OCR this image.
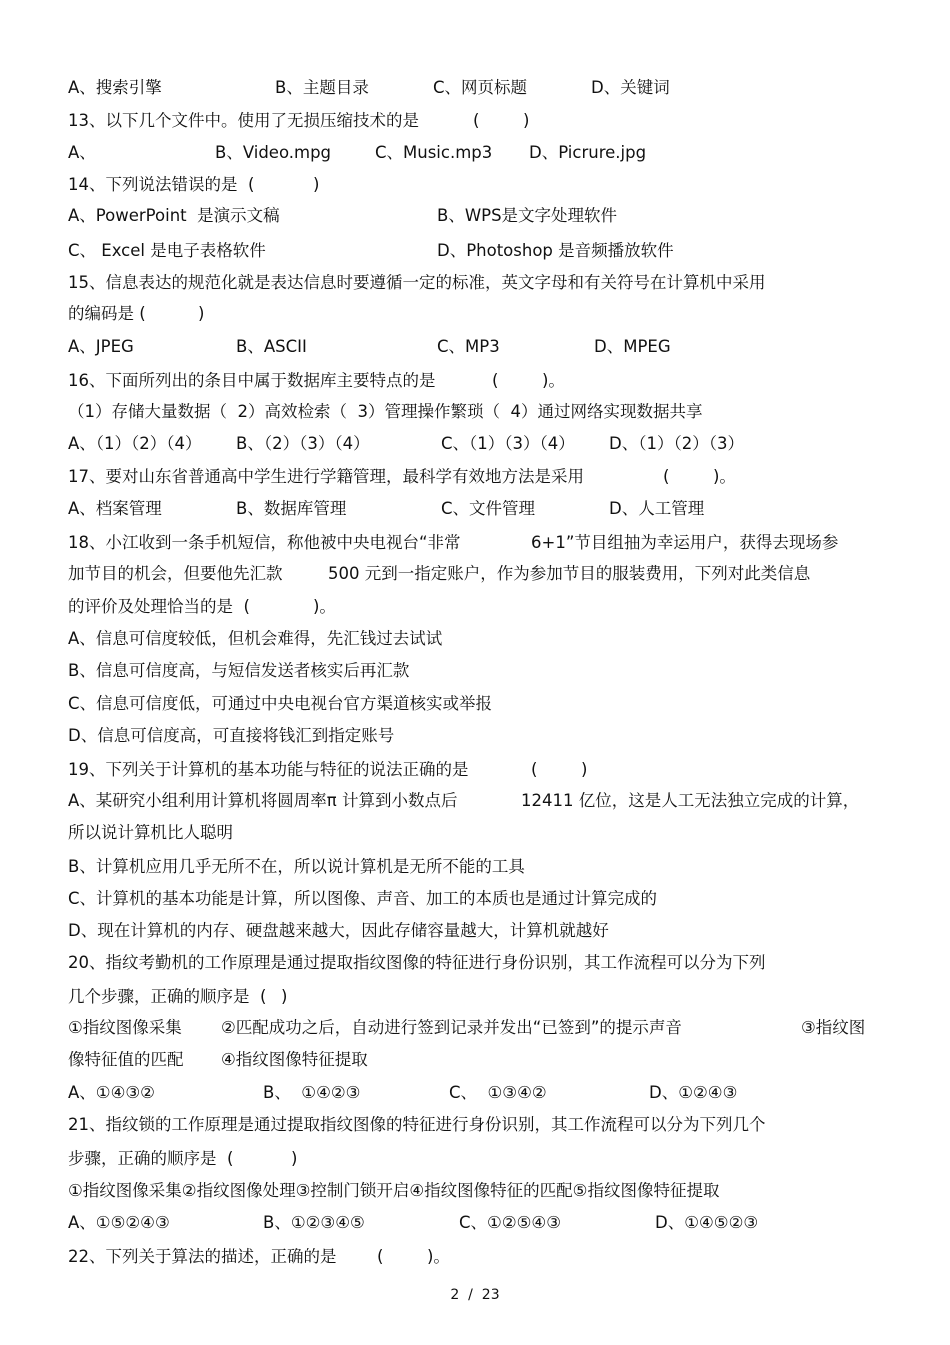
A、搜索引擎	B、主题目录	C、网页标题	D、关键词
13、以下几个文件中。使用了无损压缩技术的是	(	)
A、	B、Video.mpg	C、Music.mp3 D、Picrure.jpg
14、下列说法错误的是  (	)
A、PowerPoint  是演示文稿	B、WPS是文字处理软件
C、 Excel 是电子表格软件	D、Photoshop 是音频播放软件
15、信息表达的规范化就是表达信息时要遵循一定的标准，英文字母和有关符号在计算机中采用
的编码是 (	)
A、JPEG	B、ASCII	C、MP3	D、MPEG
16、下面所列出的条目中属于数据库主要特点的是	(	)。
（1）存储大量数据（  2）高效检索（  3）管理操作繁琐（  4）通过网络实现数据共享
A、（1）（2）（4） B、（2）（3）（4）	C、（1）（3）（4） D、（1）（2）（3）
17、要对山东省普通高中学生进行学籍管理，最科学有效地方法是采用	(	)。
A、档案管理	B、数据库管理	C、文件管理	D、人工管理
18、小江收到一条手机短信，称他被中央电视台“非常	6+1”节目组抽为幸运用户，获得去现场参
加节目的机会，但要他先汇款	500 元到一指定账户，作为参加节目的服装费用，下列对此类信息
的评价及处理恰当的是  (	)。
A、信息可信度较低，但机会难得，先汇钱过去试试
B、信息可信度高，与短信发送者核实后再汇款
C、信息可信度低，可通过中央电视台官方渠道核实或举报
D、信息可信度高，可直接将钱汇到指定账号
19、下列关于计算机的基本功能与特征的说法正确的是	(	)
A、某研究小组利用计算机将圆周率π 计算到小数点后	12411 亿位，这是人工无法独立完成的计算，
所以说计算机比人聪明
B、计算机应用几乎无所不在，所以说计算机是无所不能的工具
C、计算机的基本功能是计算，所以图像、声音、加工的本质也是通过计算完成的
D、现在计算机的内存、硬盘越来越大，因此存储容量越大，计算机就越好
20、指纹考勤机的工作原理是通过提取指纹图像的特征进行身份识别，其工作流程可以分为下列
几个步骤，正确的顺序是  ( )
①指纹图像采集 ②匹配成功之后，自动进行签到记录并发出“已签到”的提示声音	③指纹图
像特征值的匹配 ④指纹图像特征提取
A、①④③②	B、  ①④②③	C、  ①③④②	D、①②④③
21、指纹锁的工作原理是通过提取指纹图像的特征进行身份识别，其工作流程可以分为下列几个
步骤，正确的顺序是  (	)
①指纹图像采集②指纹图像处理③控制门锁开启④指纹图像特征的匹配⑤指纹图像特征提取
A、①⑤②④③	B、①②③④⑤	C、①②⑤④③	D、①④⑤②③
22、下列关于算法的描述，正确的是 (	)。
2  /  23
